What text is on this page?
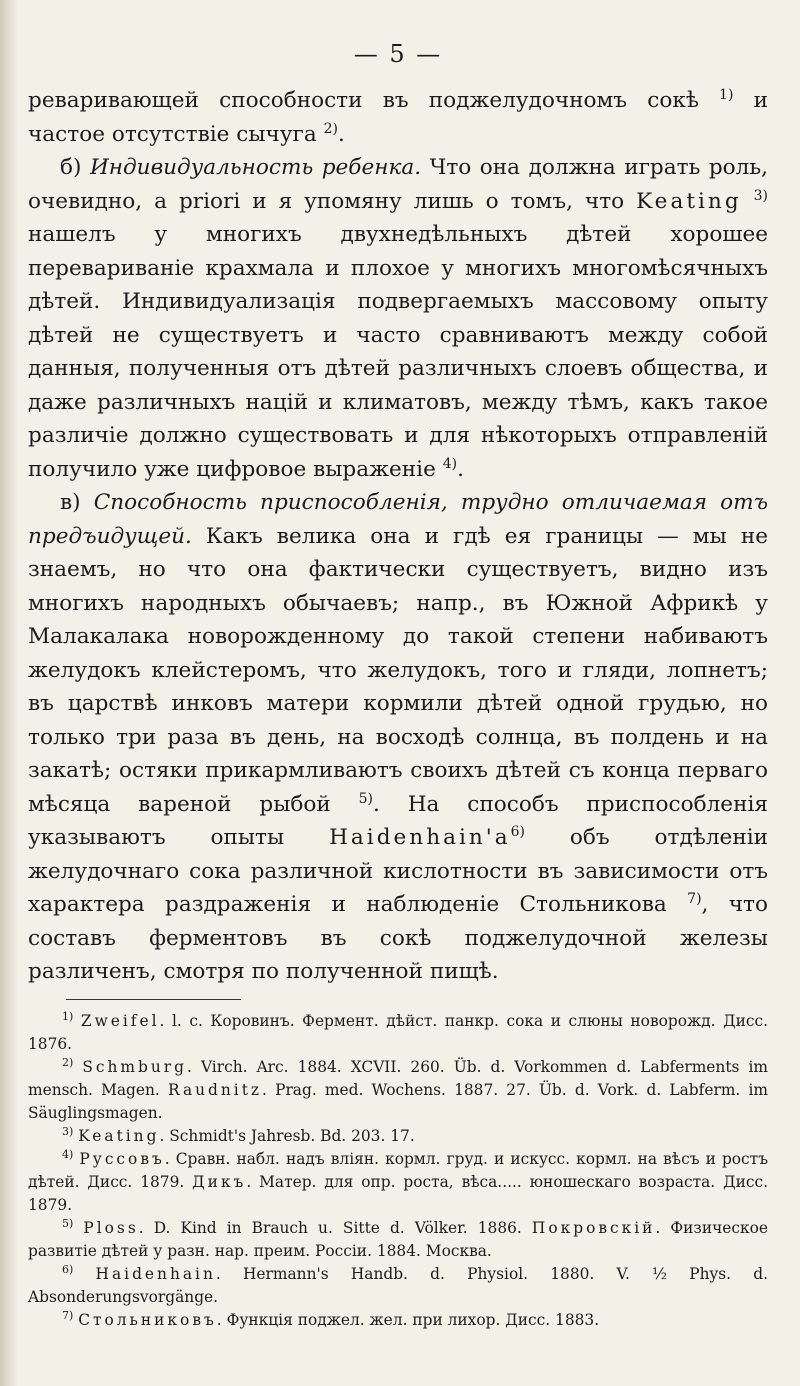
— 5 —

реваривающей способности въ поджелудочномъ сокѣ $^{1)}$ и частое отсутствіе сычуга $^{2)}$.

б) Индивидуальность ребенка. Что она должна играть роль, очевидно, а priori и я упомяну лишь о томъ, что Keating $^{3)}$ нашелъ у многихъ двухнедѣльныхъ дѣтей хорошее перевариваніе крахмала и плохое у многихъ многомѣсячныхъ дѣтей. Индивидуализація подвергаемыхъ массовому опыту дѣтей не существуетъ и часто сравниваютъ между собой данныя, полученныя отъ дѣтей различныхъ слоевъ общества, и даже различныхъ націй и климатовъ, между тѣмъ, какъ такое различіе должно существовать и для нѣкоторыхъ отправленій получило уже цифровое выраженіе $^{4)}$.

в) Способность приспособленія, трудно отличаемая отъ предъидущей. Какъ велика она и гдѣ ея границы — мы не знаемъ, но что она фактически существуетъ, видно изъ многихъ народныхъ обычаевъ; напр., въ Южной Африкѣ у Малакалака новорожденному до такой степени набиваютъ желудокъ клейстеромъ, что желудокъ, того и гляди, лопнетъ; въ царствѣ инковъ матери кормили дѣтей одной грудью, но только три раза въ день, на восходѣ солнца, въ полдень и на закатѣ; остяки прикармливаютъ своихъ дѣтей съ конца перваго мѣсяца вареной рыбой $^{5)}$. На способъ приспособленія указываютъ опыты $Haidenhain'а^{6)}$ объ отдѣленіи желудочнаго сока различной кислотности въ зависимости отъ характера раздраженія и наблюденіе Стольникова $^{7)}$, что составъ ферментовъ въ сокѣ поджелудочной железы различенъ, смотря по полученной пищѣ.

$^{1)}$ Zweifel. l. c. Коровинъ. Фермент. дѣйст. панкр. сока и слюны новорожд. Дисс. 1876.

$^{2)}$ Schmburg. Virch. Arc. 1884. XCVII. 260. Üb. d. Vorkommen d. Labfermentѕ im mensch. Magen. Raudnitz. Prag. med. Wochens. 1887. 27. Üb. d. Vork. d. Labferm. im Säuglingsmagen.

$^{3)}$ Keating. Schmidt's Jahresb. Bd. 203. 17.

$^{4)}$ Руссовъ. Сравн. набл. надъ вліян. кормл. груд. и искусс. кормл. на вѣсъ и ростъ дѣтей. Дисс. 1879. Дикъ. Матер. для опр. роста, вѣса..... юношескаго возраста. Дисс. 1879.

$^{5)}$ Ploss. D. Kind in Brauch u. Sitte d. Völker. 1886. Покровскій. Физическое развитіе дѣтей у разн. нар. преим. Россіи. 1884. Москва.

$^{6)}$ Haidenhain. Hermann's Handb. d. Physiol. 1880. V. ½ Phys. d. Absonderungsvorgänge.

$^{7)}$ Стольниковъ. Функція поджел. жел. при лихор. Дисс. 1883.
